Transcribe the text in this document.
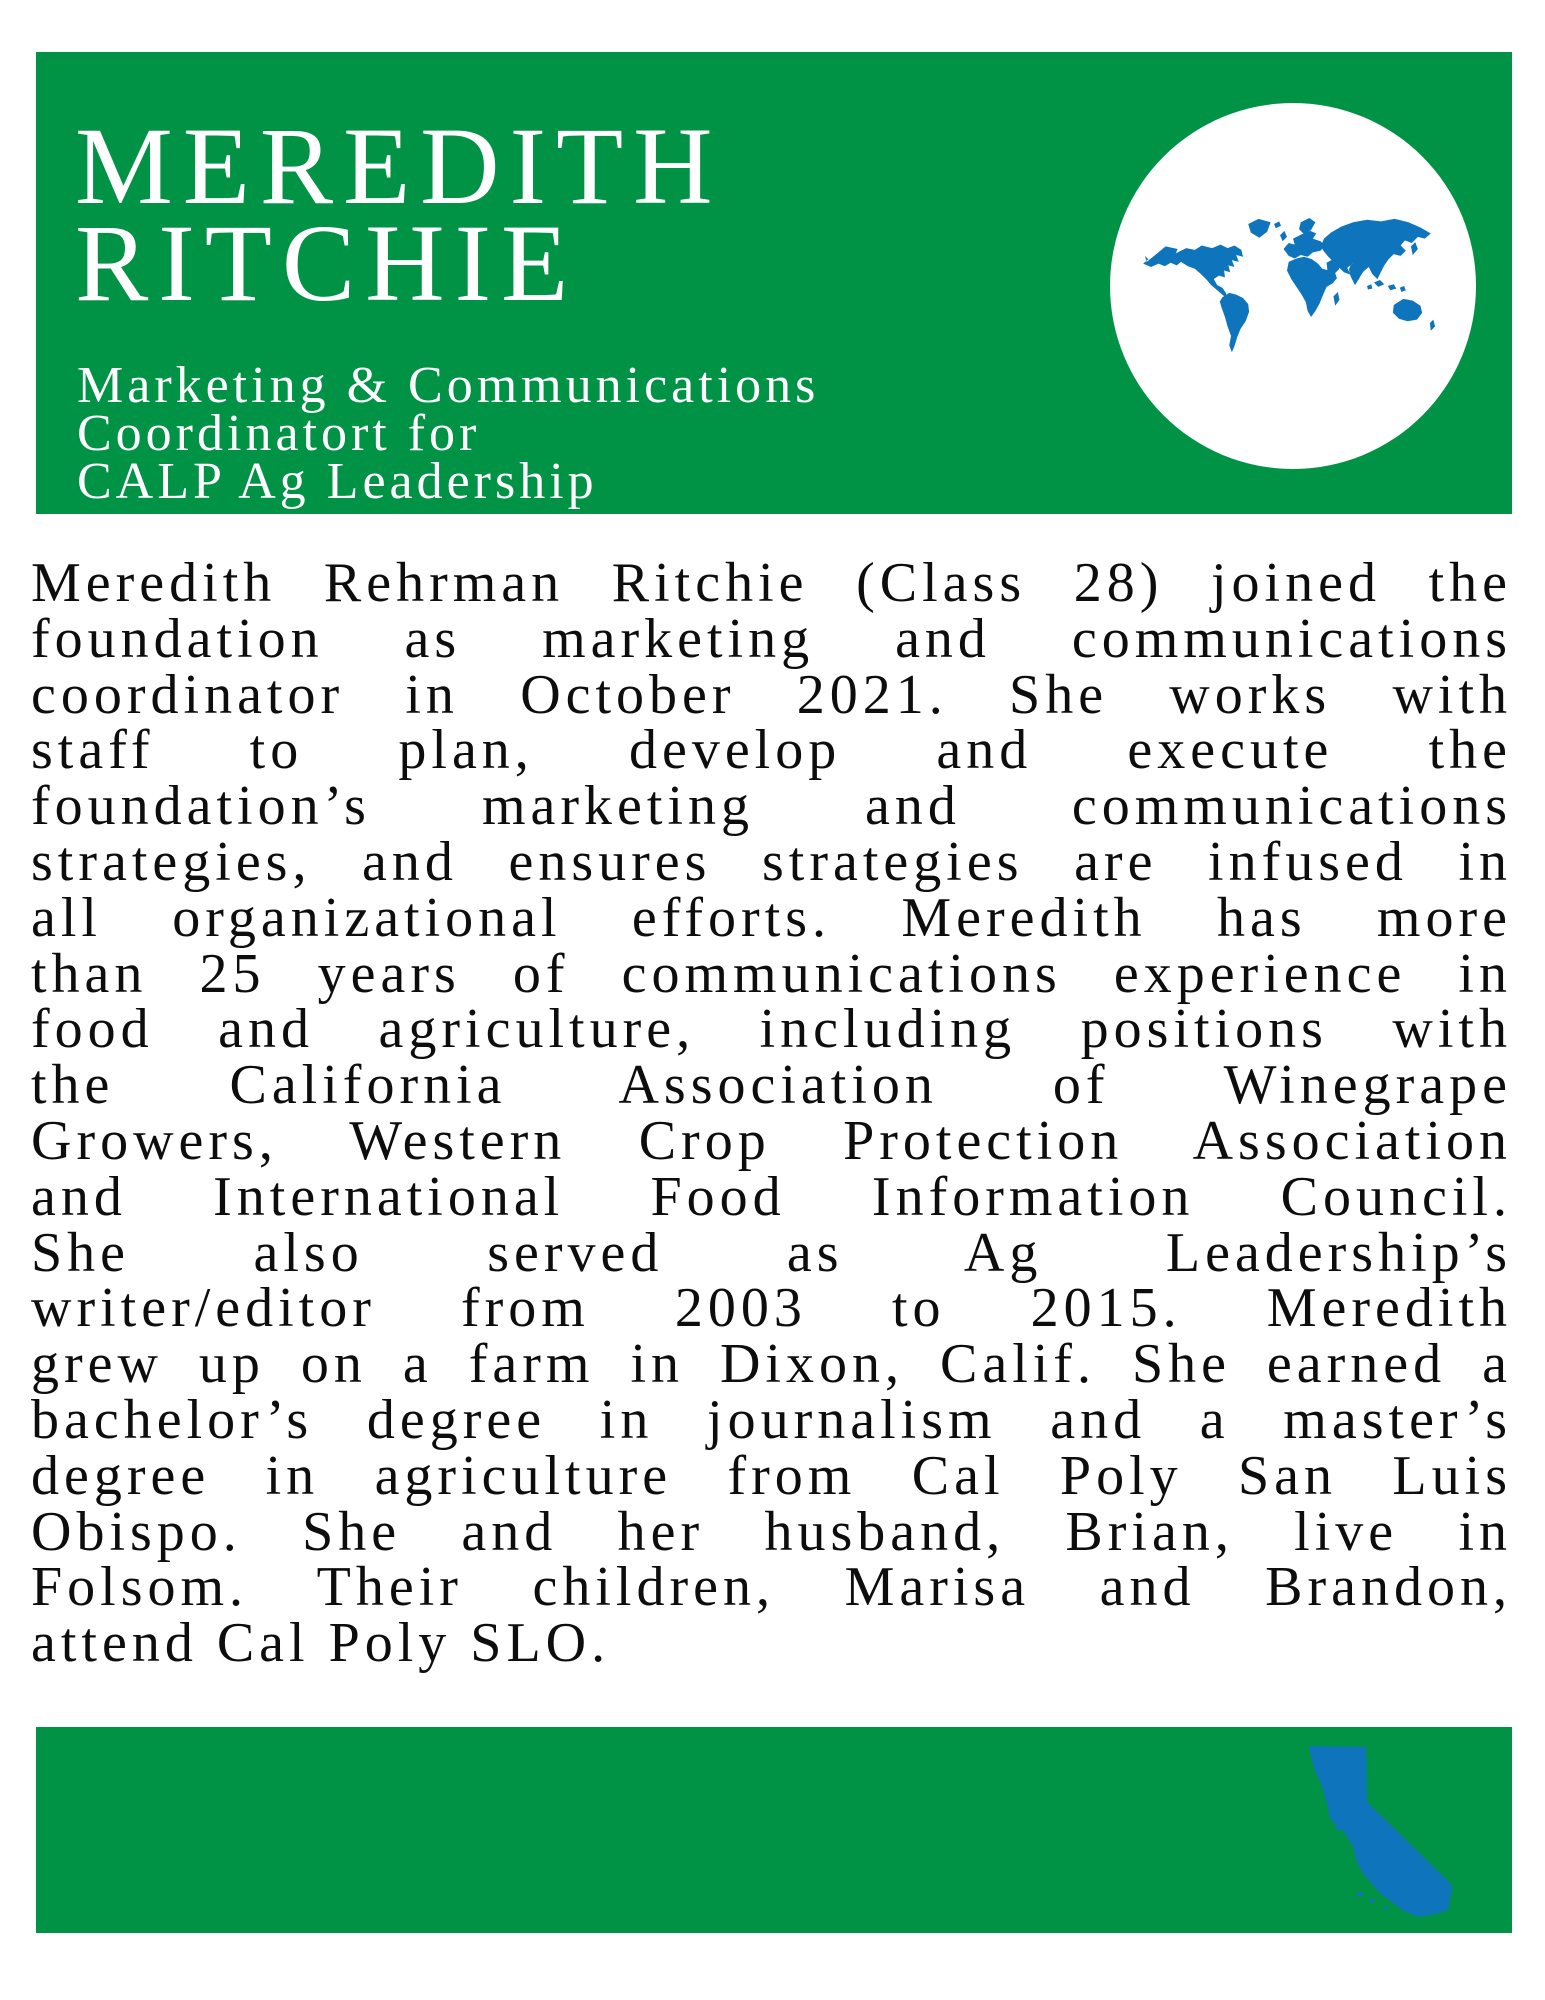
MEREDITH
RITCHIE
Marketing & Communications
Coordinatort for
CALP Ag Leadership
Meredith Rehrman Ritchie (Class 28) joined the
foundation as marketing and communications
coordinator in October 2021. She works with
staff to plan, develop and execute the
foundation’s marketing and communications
strategies, and ensures strategies are infused in
all organizational efforts. Meredith has more
than 25 years of communications experience in
food and agriculture, including positions with
the California Association of Winegrape
Growers, Western Crop Protection Association
and International Food Information Council.
She also served as Ag Leadership’s
writer/editor from 2003 to 2015. Meredith
grew up on a farm in Dixon, Calif. She earned a
bachelor’s degree in journalism and a master’s
degree in agriculture from Cal Poly San Luis
Obispo. She and her husband, Brian, live in
Folsom. Their children, Marisa and Brandon,
attend Cal Poly SLO.
